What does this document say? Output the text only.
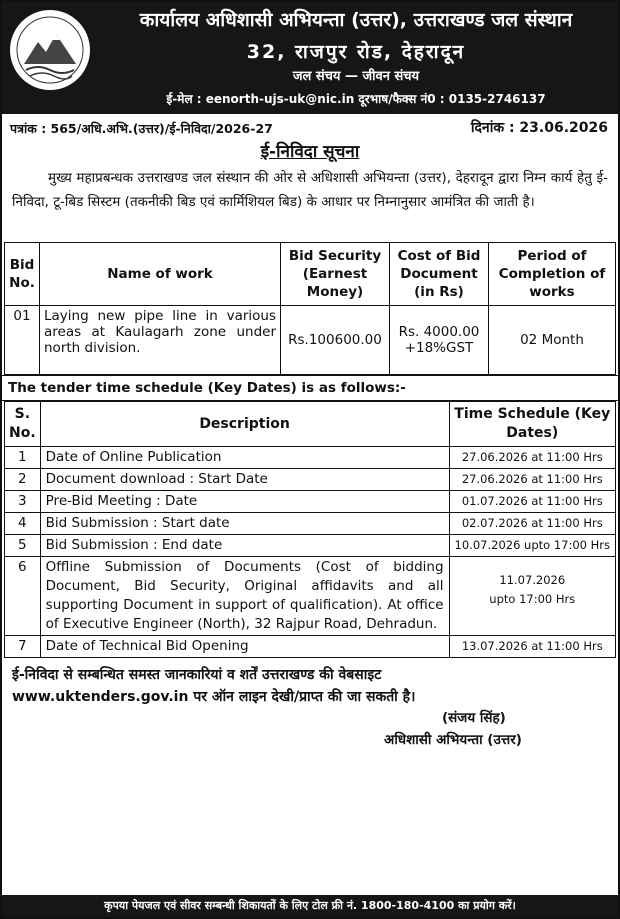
कार्यालय अधिशासी अभियन्ता (उत्तर), उत्तराखण्ड जल संस्थान
32, राजपुर रोड, देहरादून
जल संचय — जीवन संचय
ई-मेल : eenorth-ujs-uk@nic.in दूरभाष/फैक्स नं0 : 0135-2746137
पत्रांक : 565/अधि.अभि.(उत्तर)/ई-निविदा/2026-27	दिनांक : 23.06.2026
ई-निविदा सूचना
मुख्य महाप्रबन्धक उत्तराखण्ड जल संस्थान की ओर से अधिशासी अभियन्ता (उत्तर), देहरादून द्वारा निम्न कार्य हेतु ई-निविदा, टू-बिड सिस्टम (तकनीकी बिड एवं कार्मिशियल बिड) के आधार पर निम्नानुसार आमंत्रित की जाती है।
Bid No.	Name of work	Bid Security (Earnest Money)	Cost of Bid Document (in Rs)	Period of Completion of works
01	Laying new pipe line in various areas at Kaulagarh zone under north division.	Rs.100600.00	Rs. 4000.00 +18%GST	02 Month
The tender time schedule (Key Dates) is as follows:-
S. No.	Description	Time Schedule (Key Dates)
1	Date of Online Publication	27.06.2026 at 11:00 Hrs
2	Document download : Start Date	27.06.2026 at 11:00 Hrs
3	Pre-Bid Meeting : Date	01.07.2026 at 11:00 Hrs
4	Bid Submission : Start date	02.07.2026 at 11:00 Hrs
5	Bid Submission : End date	10.07.2026 upto 17:00 Hrs
6	Offline Submission of Documents (Cost of bidding Document, Bid Security, Original affidavits and all supporting Document in support of qualification). At office of Executive Engineer (North), 32 Rajpur Road, Dehradun.	11.07.2026
upto 17:00 Hrs

7	Date of Technical Bid Opening	13.07.2026 at 11:00 Hrs
ई-निविदा से सम्बन्धित समस्त जानकारियां व शर्तें उत्तराखण्ड की वेबसाइट
www.uktenders.gov.in पर ऑन लाइन देखी/प्राप्त की जा सकती है।
(संजय सिंह)
अधिशासी अभियन्ता (उत्तर)
कृपया पेयजल एवं सीवर सम्बन्धी शिकायतों के लिए टोल फ्री नं. 1800-180-4100 का प्रयोग करें।
